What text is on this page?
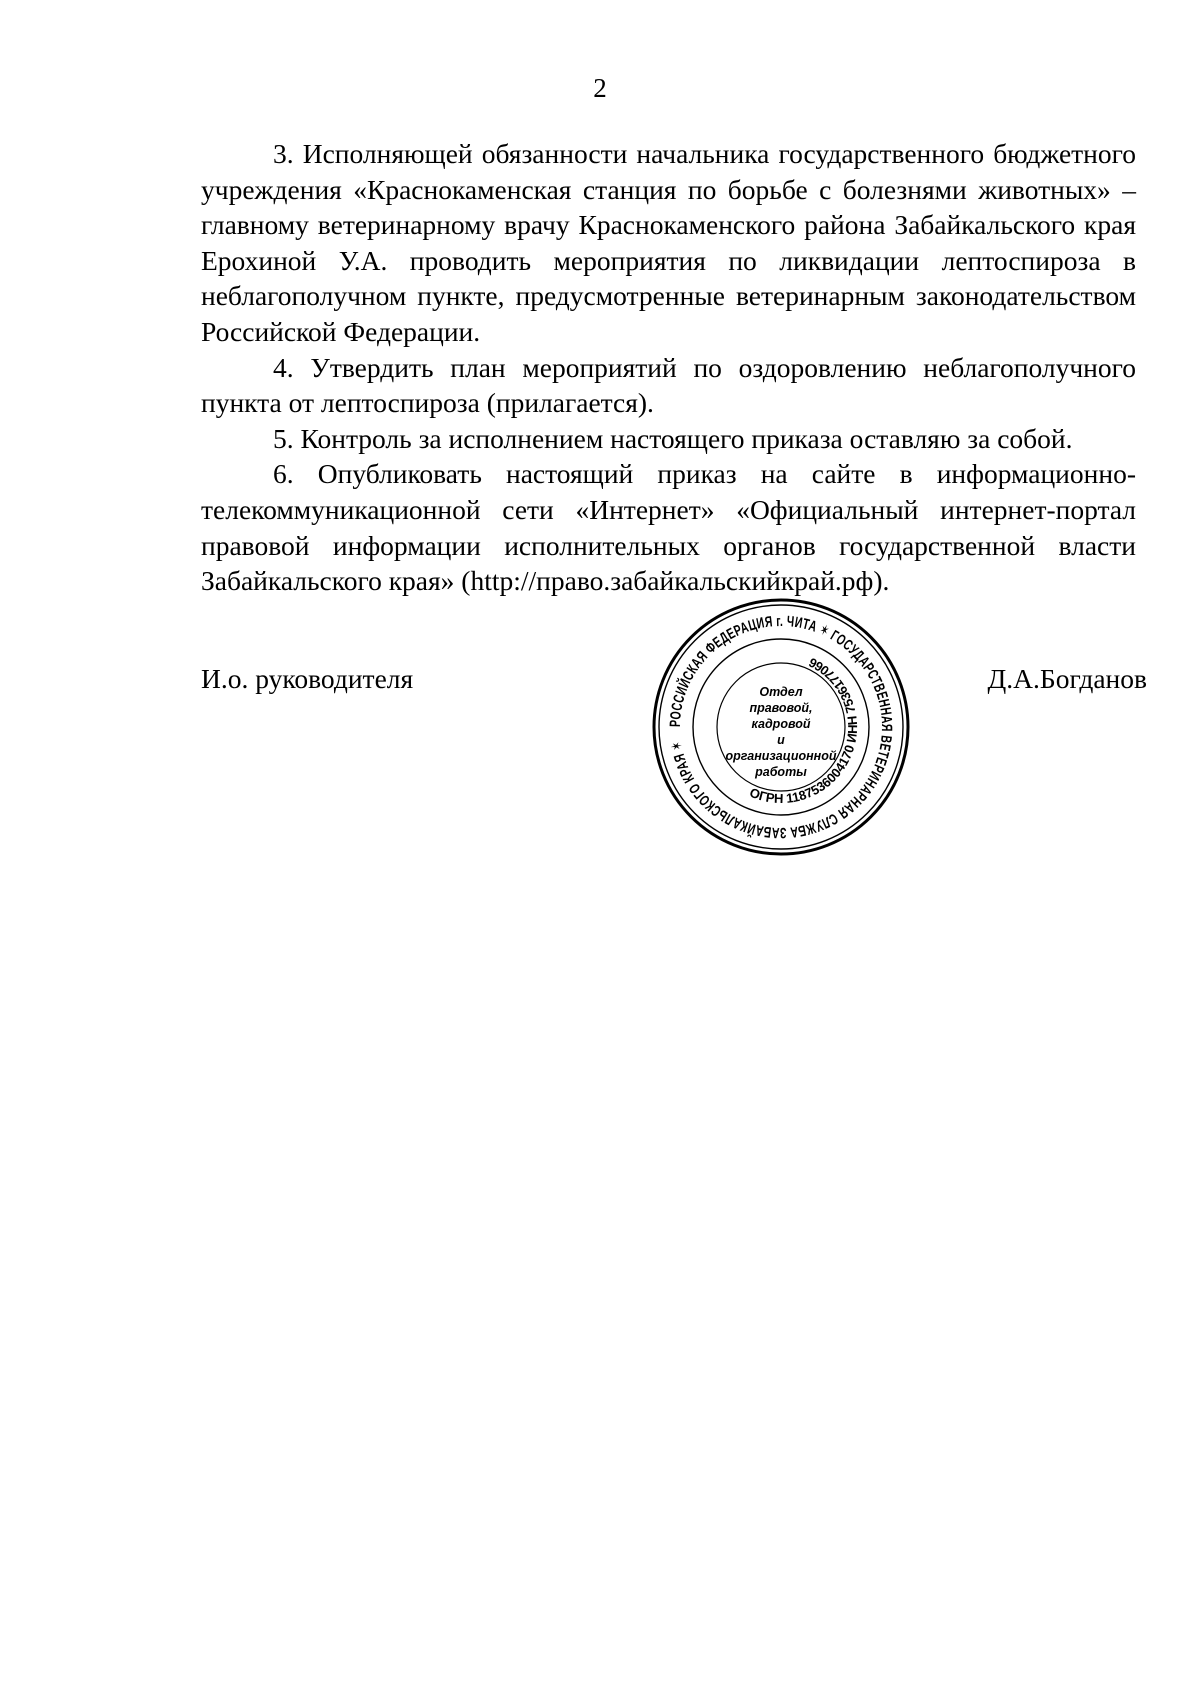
2

3. Исполняющей обязанности начальника государственного бюджетного учреждения «Краснокаменская станция по борьбе с болезнями животных» – главному ветеринарному врачу Краснокаменского района Забайкальского края Ерохиной У.А. проводить мероприятия по ликвидации лептоспироза в неблагополучном пункте, предусмотренные ветеринарным законодательством Российской Федерации.

4. Утвердить план мероприятий по оздоровлению неблагополучного пункта от лептоспироза (прилагается).

5. Контроль за исполнением настоящего приказа оставляю за собой.

6. Опубликовать настоящий приказ на сайте в информационно-телекоммуникационной сети «Интернет» «Официальный интернет-портал правовой информации исполнительных органов государственной власти Забайкальского края» (http://право.забайкальскийкрай.рф).

И.о. руководителя
РОССИЙСКАЯ ФЕДЕРАЦИЯ г. ЧИТА ✶ ГОСУДАРСТВЕННАЯ ВЕТЕРИНАРНАЯ СЛУЖБА ЗАБАЙКАЛЬСКОГО КРАЯ ✶
ОГРН 1187536004170 ИНН 7536177066
Отдел
правовой, кадровой
и организационной
работы
Д.А.Богданов
